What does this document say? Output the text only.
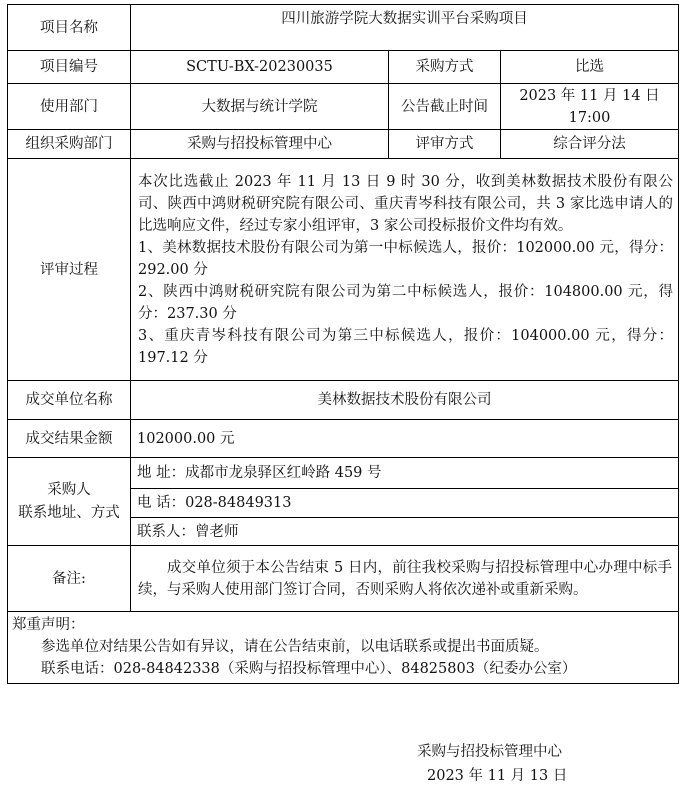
项目名称	四川旅游学院大数据实训平台采购项目		
项目编号	SCTU-BX-20230035	采购方式	比选
使用部门	大数据与统计学院	公告截止时间	2023 年 11 月 14 日 17:00
组织采购部门	采购与招投标管理中心	评审方式	综合评分法
评审过程	本次比选截止 2023 年 11 月 13 日 9 时 30 分，收到美林数据技术股份有限公司、陕西中鸿财税研究院有限公司、重庆青岑科技有限公司，共 3 家比选申请人的比选响应文件，经过专家小组评审，3 家公司投标报价文件均有效。
1、美林数据技术股份有限公司为第一中标候选人，报价：102000.00 元，得分：292.00 分
2、陕西中鸿财税研究院有限公司为第二中标候选人，报价：104800.00 元，得分：237.30 分
3、重庆青岑科技有限公司为第三中标候选人，报价：104000.00 元，得分：197.12 分		

成交单位名称	美林数据技术股份有限公司		
成交结果金额	102000.00 元		

采购人
联系地址、方式	地 址：成都市龙泉驿区红岭路 459 号		
	电 话：028-84849313		
	联系人：曾老师		
备注:	成交单位须于本公告结束 5 日内，前往我校采购与招投标管理中心办理中标手续，与采购人使用部门签订合同，否则采购人将依次递补或重新采购。		

郑重声明：
参选单位对结果公告如有异议，请在公告结束前，以电话联系或提出书面质疑。
联系电话：028-84842338（采购与招投标管理中心）、84825803（纪委办公室）			
采购与招投标管理中心
2023 年 11 月 13 日
